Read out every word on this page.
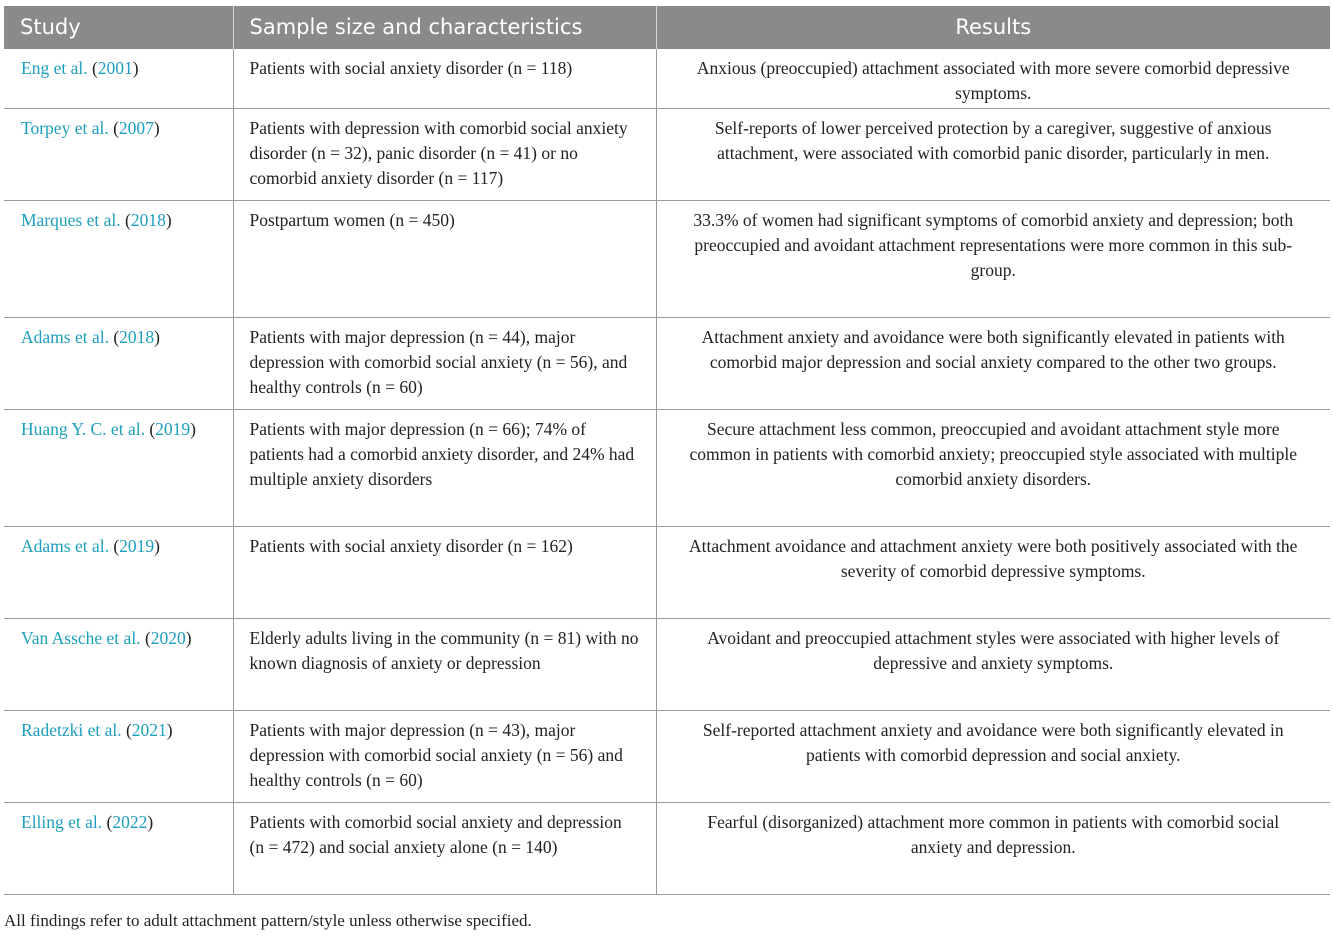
Study	Sample size and characteristics	Results

Eng et al. (2001)	Patients with social anxiety disorder (n = 118)	Anxious (preoccupied) attachment associated with more severe comorbid depressive symptoms.

Torpey et al. (2007)	Patients with depression with comorbid social anxiety disorder (n = 32), panic disorder (n = 41) or no comorbid anxiety disorder (n = 117)	Self-reports of lower perceived protection by a caregiver, suggestive of anxious attachment, were associated with comorbid panic disorder, particularly in men.

Marques et al. (2018)	Postpartum women (n = 450)	33.3% of women had significant symptoms of comorbid anxiety and depression; both preoccupied and avoidant attachment representations were more common in this sub-group.

Adams et al. (2018)	Patients with major depression (n = 44), major depression with comorbid social anxiety (n = 56), and healthy controls (n = 60)	Attachment anxiety and avoidance were both significantly elevated in patients with comorbid major depression and social anxiety compared to the other two groups.

Huang Y. C. et al. (2019)	Patients with major depression (n = 66); 74% of patients had a comorbid anxiety disorder, and 24% had multiple anxiety disorders	Secure attachment less common, preoccupied and avoidant attachment style more common in patients with comorbid anxiety; preoccupied style associated with multiple comorbid anxiety disorders.

Adams et al. (2019)	Patients with social anxiety disorder (n = 162)	Attachment avoidance and attachment anxiety were both positively associated with the severity of comorbid depressive symptoms.

Van Assche et al. (2020)	Elderly adults living in the community (n = 81) with no known diagnosis of anxiety or depression	Avoidant and preoccupied attachment styles were associated with higher levels of depressive and anxiety symptoms.

Radetzki et al. (2021)	Patients with major depression (n = 43), major depression with comorbid social anxiety (n = 56) and healthy controls (n = 60)	Self-reported attachment anxiety and avoidance were both significantly elevated in patients with comorbid depression and social anxiety.

Elling et al. (2022)	Patients with comorbid social anxiety and depression (n = 472) and social anxiety alone (n = 140)	Fearful (disorganized) attachment more common in patients with comorbid social anxiety and depression.
All findings refer to adult attachment pattern/style unless otherwise specified.
